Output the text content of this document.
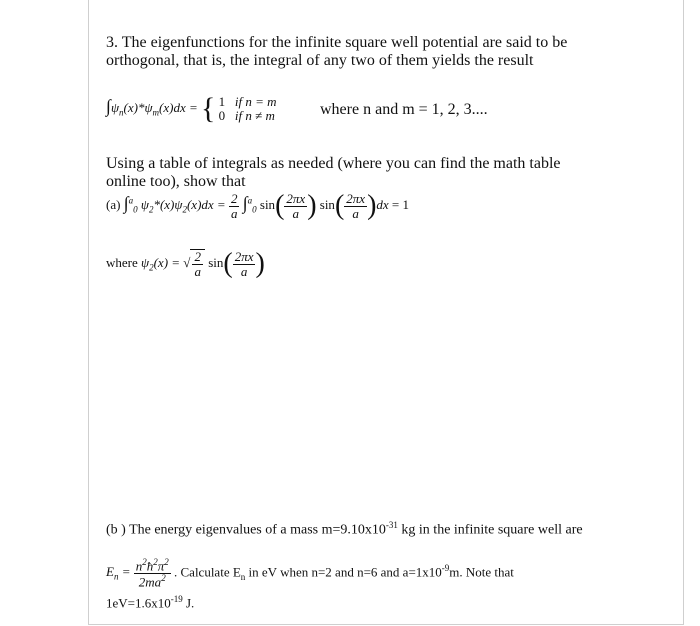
3. The eigenfunctions for the infinite square well potential are said to be
orthogonal, that is, the integral of any two of them yields the result
$\int\psi_n(x)*\psi_m(x)dx$ = { 1 if n = m
0 if n ≠ m	where n and m = 1, 2, 3....
Using a table of integrals as needed (where you can find the math table
online too), show that
(a) ∫$^a_0$ $\psi_2*(x)\psi_2(x)dx = \frac{2}{a} \int^a_0$ $\sin( \frac{2\pi x}{a}$ ) $\sin( \frac{2\pi x}{a} )dx = 1$
where $\psi_2(x)$ = √ $\frac{2}{a} \sin( \frac{2\pi x}{a}$ )
(b ) The energy eigenvalues of a mass $m=9.10x10^{-31}$ kg in the infinite square well are
$E_n = \frac{n^2ħ^2\pi^2}{2ma^2}$ . Calculate $E_n$ in eV when n=2 and n=6 and $a=1x10^{-9}m$. Note that
$1eV=1.6x10^{-19}$ J.
